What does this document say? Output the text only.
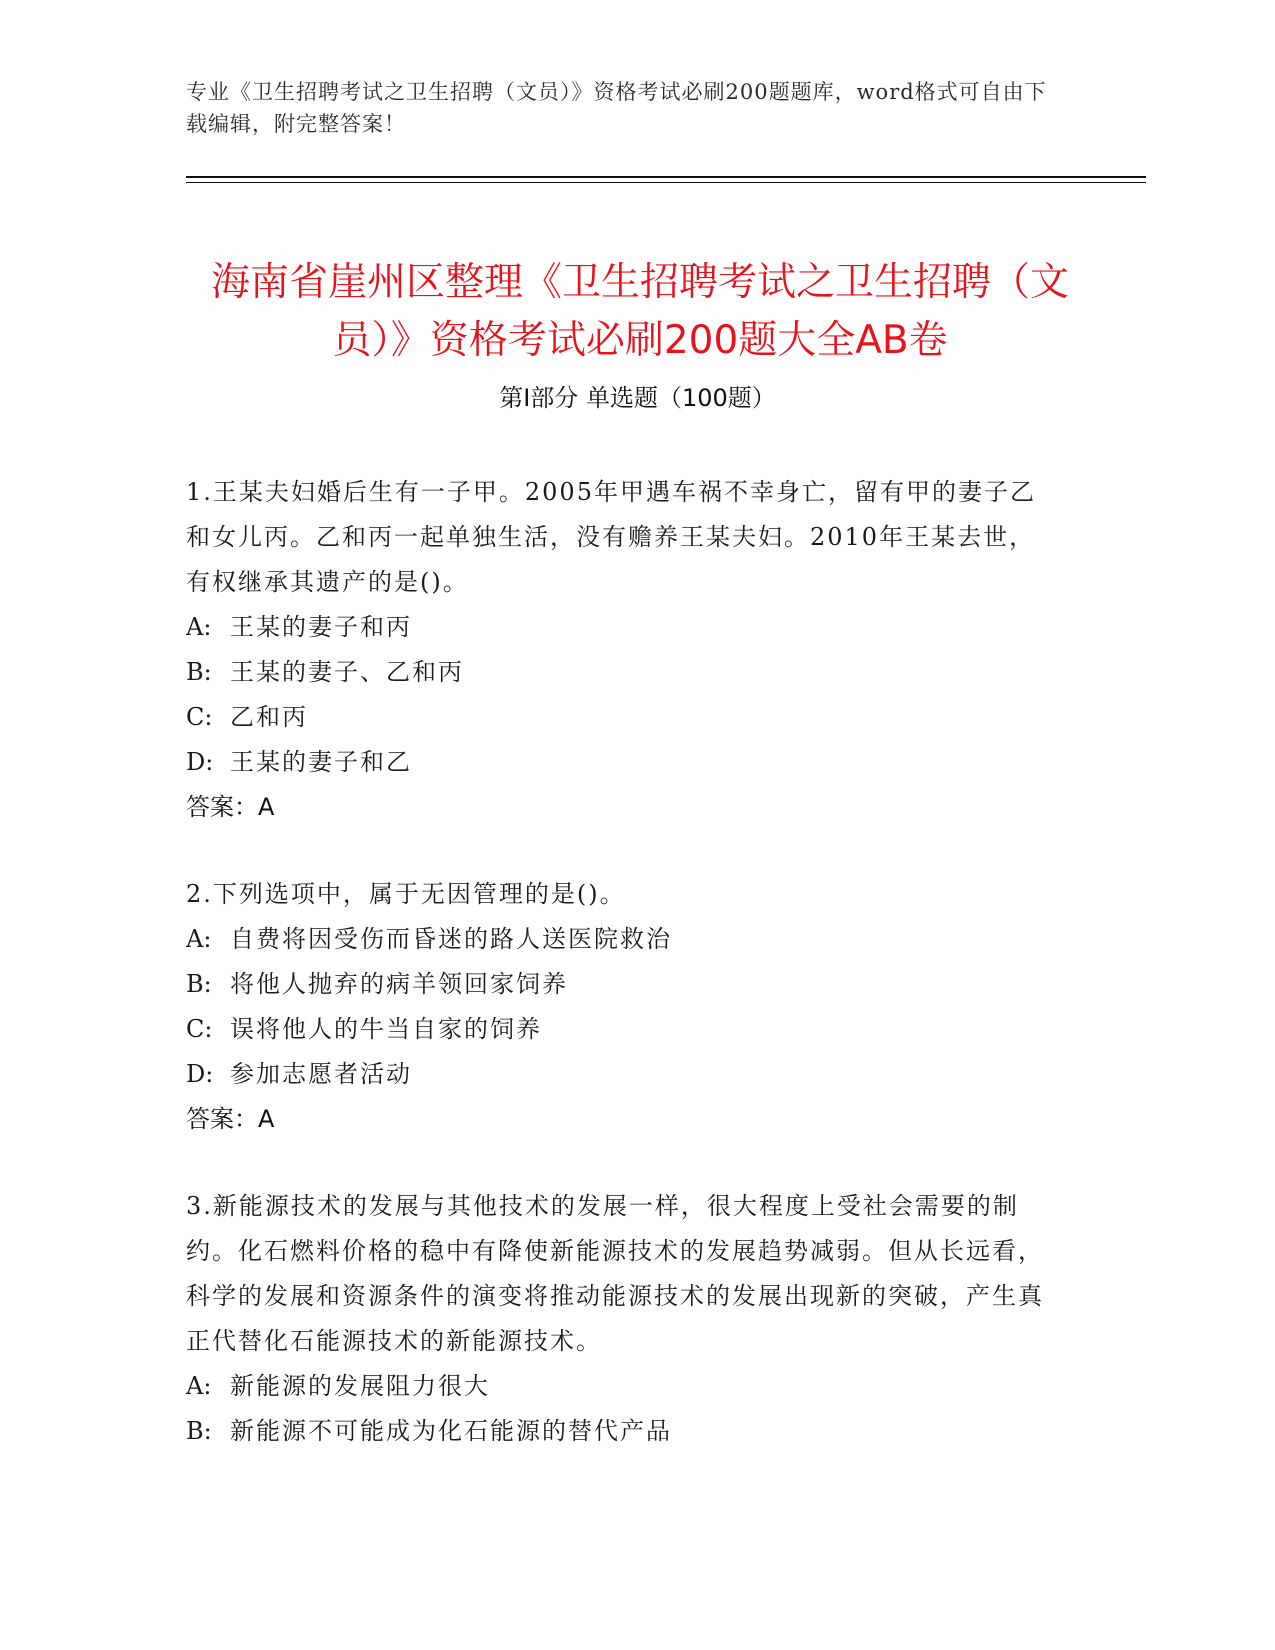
专业《卫生招聘考试之卫生招聘（文员）》资格考试必刷200题题库，word格式可自由下载编辑，附完整答案！
海南省崖州区整理《卫生招聘考试之卫生招聘（文员）》资格考试必刷200题大全AB卷
第I部分 单选题（100题）
1.王某夫妇婚后生有一子甲。2005年甲遇车祸不幸身亡，留有甲的妻子乙和女儿丙。乙和丙一起单独生活，没有赡养王某夫妇。2010年王某去世，有权继承其遗产的是()。
A: 王某的妻子和丙
B: 王某的妻子、乙和丙
C: 乙和丙
D: 王某的妻子和乙
答案：A
2.下列选项中，属于无因管理的是()。
A: 自费将因受伤而昏迷的路人送医院救治
B: 将他人抛弃的病羊领回家饲养
C: 误将他人的牛当自家的饲养
D: 参加志愿者活动
答案：A
3.新能源技术的发展与其他技术的发展一样，很大程度上受社会需要的制约。化石燃料价格的稳中有降使新能源技术的发展趋势减弱。但从长远看，科学的发展和资源条件的演变将推动能源技术的发展出现新的突破，产生真正代替化石能源技术的新能源技术。
A: 新能源的发展阻力很大
B: 新能源不可能成为化石能源的替代产品
